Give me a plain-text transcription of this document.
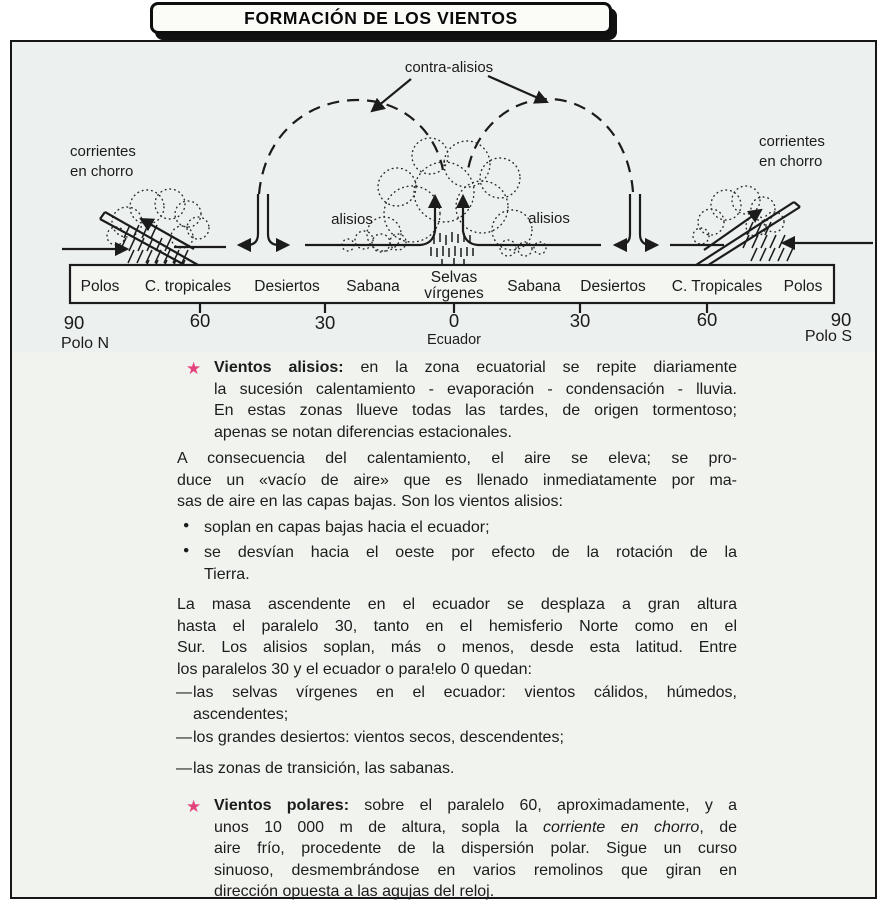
FORMACIÓN DE LOS VIENTOS
contra-alisios
corrientes
en chorro
corrientes
en chorro
alisios	alisios
Polos C. tropicales Desiertos Sabana
Selvas
vírgenes Sabana Desiertos C. Tropicales Polos
90	60	30	0	30	60	90
Ecuador
Polo N	Polo S
★ Vientos alisios: en la zona ecuatorial se repite diariamente
la sucesión calentamiento - evaporación - condensación - lluvia.
En estas zonas llueve todas las tardes, de origen tormentoso;
apenas se notan diferencias estacionales.
A consecuencia del calentamiento, el aire se eleva; se pro-
duce un «vacío de aire» que es llenado inmediatamente por ma-
sas de aire en las capas bajas. Son los vientos alisios:
● soplan en capas bajas hacia el ecuador;
● se desvían hacia el oeste por efecto de la rotación de la
Tierra.
La masa ascendente en el ecuador se desplaza a gran altura
hasta el paralelo 30, tanto en el hemisferio Norte como en el
Sur. Los alisios soplan, más o menos, desde esta latitud. Entre
los paralelos 30 y el ecuador o para!elo 0 quedan:
— las selvas vírgenes en el ecuador: vientos cálidos, húmedos,
ascendentes;
— los grandes desiertos: vientos secos, descendentes;
— las zonas de transición, las sabanas.
★ Vientos polares: sobre el paralelo 60, aproximadamente, y a
unos 10 000 m de altura, sopla la corriente en chorro, de
aire frío, procedente de la dispersión polar. Sigue un curso
sinuoso, desmembrándose en varios remolinos que giran en
dirección opuesta a las agujas del reloj.
